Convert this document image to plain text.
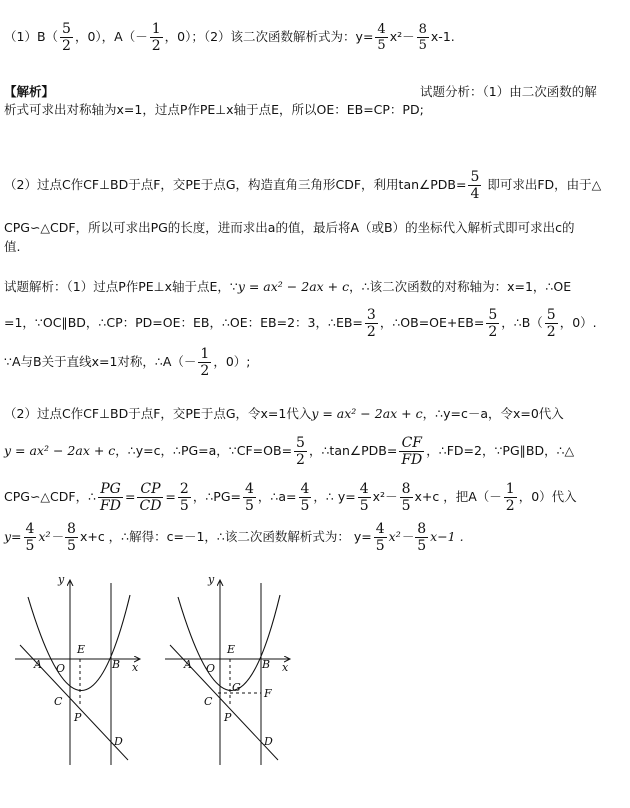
$(1)B( \frac{5}{2}$ ，0），$A(- \frac{1}{2}$ ，0）；（2）该二次函数解析式为：$y= \frac{4}{5} x^2- \frac{8}{5} x-1$.
【解析】	试题分析：（1）由二次函数的解
析式可求出对称轴为x=1，过点P作PE⊥x轴于点E，所以OE：EB=CP：PD;
（2）过点C作CF⊥BD于点F，交PE于点G，构造直角三角形CDF，利用tan∠PDB= $\frac{5}{4}$ 即可求出FD，由于△
CPG∽△CDF，所以可求出PG的长度，进而求出a的值，最后将A（或B）的坐标代入解析式即可求出c的
值.
试题解析：（1）过点P作PE⊥x轴于点E，∵y = ax² − 2ax + c，∴该二次函数的对称轴为：x=1，∴OE
=1，∵OC∥BD，∴CP：PD=OE：EB，∴OE：EB=2：3，∴EB= $\frac{3}{2}$ ，∴OB=OE+EB= $\frac{5}{2}$ ，∴B（ $\frac{5}{2}$ ，0）.
∵A与B关于直线x=1对称，∴A（－ $\frac{1}{2}$ ，0）;
（2）过点C作CF⊥BD于点F，交PE于点G，令x=1代入y = ax² − 2ax + c，∴y=c－a，令x=0代入
y = ax² − 2ax + c，∴y=c，∴PG=a，∵CF=OB= $\frac{5}{2}$ ，∴tan∠PDB= $\frac{CF}{FD}$ ，∴FD=2，∵PG∥BD，∴△
CPG∽△CDF，∴ $\frac{PG}{FD} = \frac{CP}{CD} = \frac{2}{5}$ ，∴PG= $\frac{4}{5}$ ，∴a= $\frac{4}{5}$ ，∴ $y= \frac{4}{5} x^2- \frac{8}{5} x+c$ ，把$A(- \frac{1}{2}$ ，0）代入
$y= \frac{4}{5} x^2- \frac{8}{5} x+c$ ，∴解得：c=－1，∴该二次函数解析式为： $y= \frac{4}{5} x^2- \frac{8}{5} x-1$ .
y
x
O
A	B
E
C
P
D
y
x
O
A	B
E
C
P
D
G F
